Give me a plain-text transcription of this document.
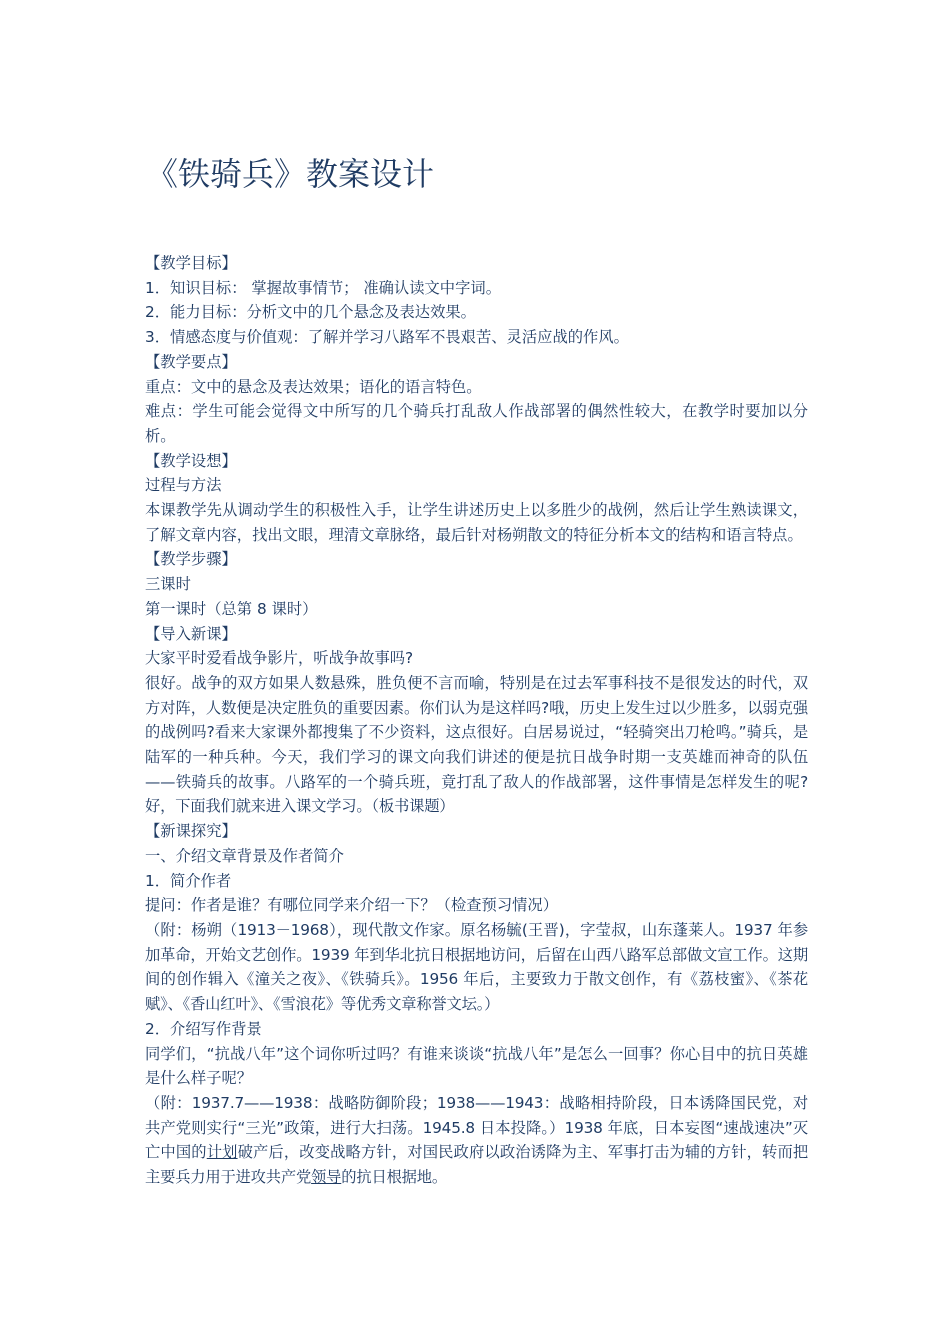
《铁骑兵》教案设计

【教学目标】

1．知识目标： 掌握故事情节； 准确认读文中字词。

2．能力目标：分析文中的几个悬念及表达效果。

3．情感态度与价值观：了解并学习八路军不畏艰苦、灵活应战的作风。

【教学要点】

重点：文中的悬念及表达效果；语化的语言特色。

难点：学生可能会觉得文中所写的几个骑兵打乱敌人作战部署的偶然性较大，在教学时要加以分析。

【教学设想】

过程与方法

本课教学先从调动学生的积极性入手，让学生讲述历史上以多胜少的战例，然后让学生熟读课文，了解文章内容，找出文眼，理清文章脉络，最后针对杨朔散文的特征分析本文的结构和语言特点。

【教学步骤】

三课时

第一课时（总第 8 课时）

【导入新课】

大家平时爱看战争影片，听战争故事吗?

很好。战争的双方如果人数悬殊，胜负便不言而喻，特别是在过去军事科技不是很发达的时代，双方对阵，人数便是决定胜负的重要因素。你们认为是这样吗?哦，历史上发生过以少胜多，以弱克强的战例吗?看来大家课外都搜集了不少资料，这点很好。白居易说过，“轻骑突出刀枪鸣。”骑兵，是陆军的一种兵种。今天，我们学习的课文向我们讲述的便是抗日战争时期一支英雄而神奇的队伍——铁骑兵的故事。八路军的一个骑兵班，竟打乱了敌人的作战部署，这件事情是怎样发生的呢?好，下面我们就来进入课文学习。（板书课题）

【新课探究】

一、介绍文章背景及作者简介

1．简介作者

提问：作者是谁？有哪位同学来介绍一下？（检查预习情况）

（附：杨朔（1913－1968），现代散文作家。原名杨毓(王晋)，字莹叔，山东蓬莱人。1937 年参加革命，开始文艺创作。1939 年到华北抗日根据地访问，后留在山西八路军总部做文宣工作。这期间的创作辑入《潼关之夜》、《铁骑兵》。1956 年后，主要致力于散文创作，有《荔枝蜜》、《茶花赋》、《香山红叶》、《雪浪花》等优秀文章称誉文坛。）

2．介绍写作背景

同学们，“抗战八年”这个词你听过吗？有谁来谈谈“抗战八年”是怎么一回事？你心目中的抗日英雄是什么样子呢？

（附：1937.7——1938：战略防御阶段；1938——1943：战略相持阶段，日本诱降国民党，对共产党则实行“三光”政策，进行大扫荡。1945.8 日本投降。）1938 年底，日本妄图“速战速决”灭亡中国的计划破产后，改变战略方针，对国民政府以政治诱降为主、军事打击为辅的方针，转而把主要兵力用于进攻共产党领导的抗日根据地。
